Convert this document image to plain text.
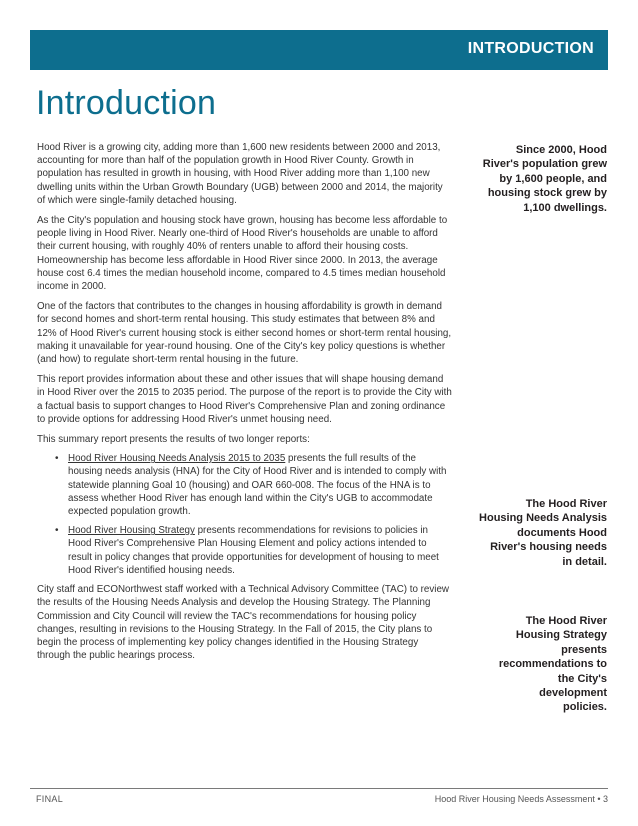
INTRODUCTION
Introduction

Hood River is a growing city, adding more than 1,600 new residents between 2000 and 2013, accounting for more than half of the population growth in Hood River County. Growth in population has resulted in growth in housing, with Hood River adding more than 1,100 new dwelling units within the Urban Growth Boundary (UGB) between 2000 and 2014, the majority of which were single-family detached housing.

As the City's population and housing stock have grown, housing has become less affordable to people living in Hood River. Nearly one-third of Hood River's households are unable to afford their current housing, with roughly 40% of renters unable to afford their housing costs. Homeownership has become less affordable in Hood River since 2000. In 2013, the average house cost 6.4 times the median household income, compared to 4.5 times median household income in 2000.

One of the factors that contributes to the changes in housing affordability is growth in demand for second homes and short-term rental housing. This study estimates that between 8% and 12% of Hood River's current housing stock is either second homes or short-term rental housing, making it unavailable for year-round housing. One of the City's key policy questions is whether (and how) to regulate short-term rental housing in the future.

This report provides information about these and other issues that will shape housing demand in Hood River over the 2015 to 2035 period. The purpose of the report is to provide the City with a factual basis to support changes to Hood River's Comprehensive Plan and zoning ordinance to provide options for addressing Hood River's unmet housing need.

This summary report presents the results of two longer reports:

• Hood River Housing Needs Analysis 2015 to 2035 presents the full results of the housing needs analysis (HNA) for the City of Hood River and is intended to comply with statewide planning Goal 10 (housing) and OAR 660-008. The focus of the HNA is to assess whether Hood River has enough land within the City's UGB to accommodate expected population growth.
• Hood River Housing Strategy presents recommendations for revisions to policies in Hood River's Comprehensive Plan Housing Element and policy actions intended to result in policy changes that provide opportunities for development of housing to meet Hood River's identified housing needs.

City staff and ECONorthwest staff worked with a Technical Advisory Committee (TAC) to review the results of the Housing Needs Analysis and develop the Housing Strategy. The Planning Commission and City Council will review the TAC's recommendations for housing policy changes, resulting in revisions to the Housing Strategy. In the Fall of 2015, the City plans to begin the process of implementing key policy changes identified in the Housing Strategy through the public hearings process.

Since 2000, Hood River's population grew by 1,600 people, and housing stock grew by 1,100 dwellings.
The Hood River Housing Needs Analysis documents Hood River's housing needs in detail.
The Hood River Housing Strategy presents recommendations to the City's development policies.
FINAL	Hood River Housing Needs Assessment • 3
